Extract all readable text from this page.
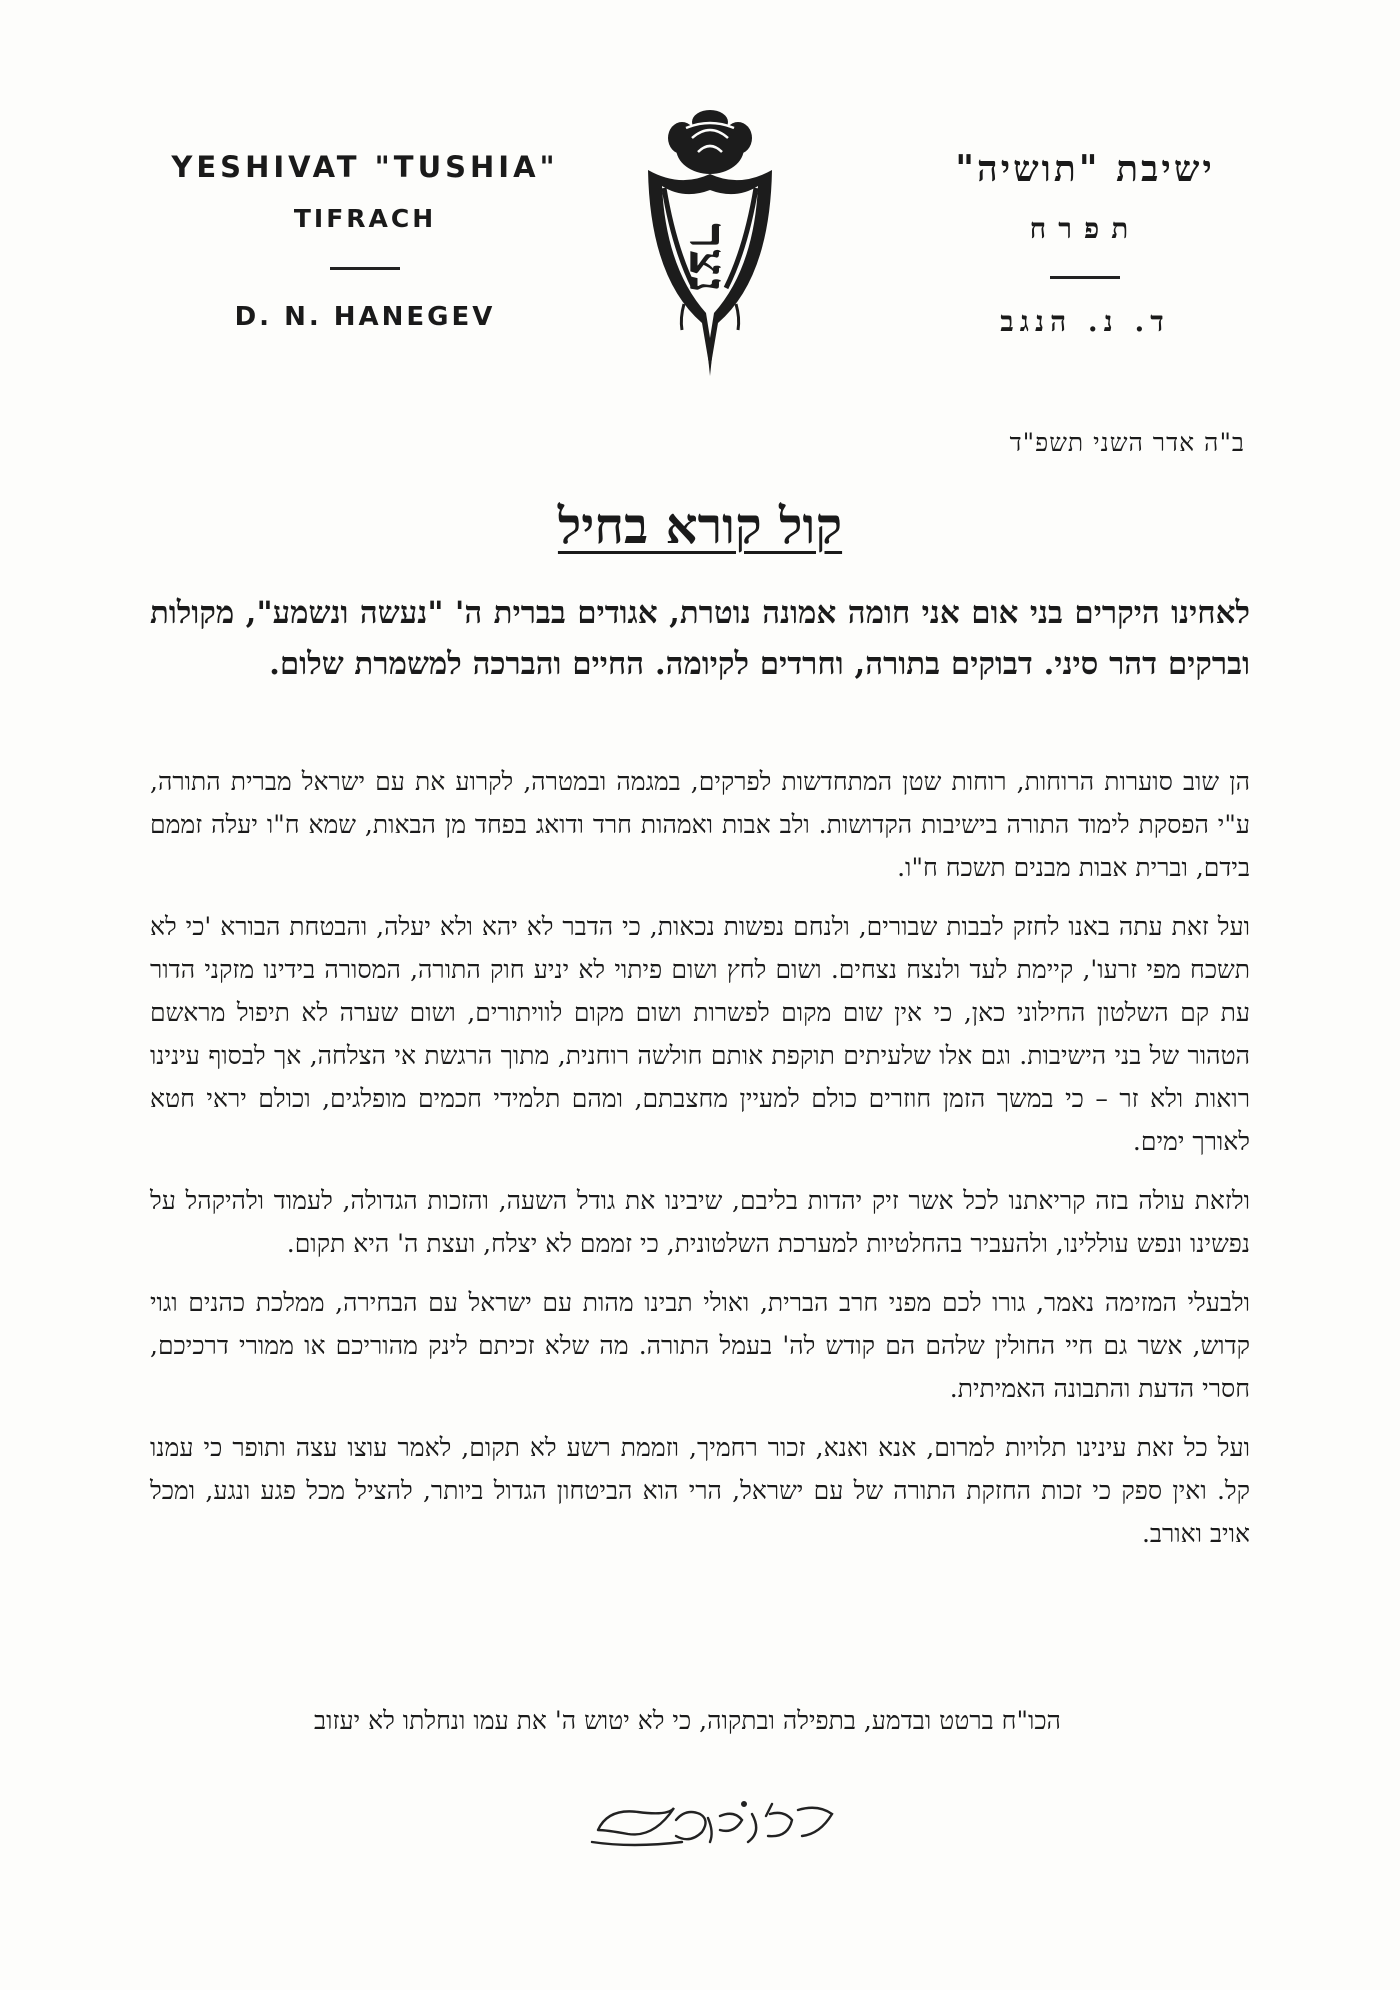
YESHIVAT "TUSHIA"
TIFRACH
D. N. HANEGEV
נצר
ישיבת "תושיה"
תפרח
ד. נ. הנגב
ב"ה אדר השני תשפ"ד
קול קורא בחיל
לאחינו היקרים בני אום אני חומה אמונה נוטרת, אגודים בברית ה' "נעשה ונשמע", מקולות וברקים דהר סיני. דבוקים בתורה, וחרדים לקיומה. החיים והברכה למשמרת שלום.

הן שוב סוערות הרוחות, רוחות שטן המתחדשות לפרקים, במגמה ובמטרה, לקרוע את עם ישראל מברית התורה, ע"י הפסקת לימוד התורה בישיבות הקדושות. ולב אבות ואמהות חרד ודואג בפחד מן הבאות, שמא ח"ו יעלה זממם בידם, וברית אבות מבנים תשכח ח"ו.

ועל זאת עתה באנו לחזק לבבות שבורים, ולנחם נפשות נכאות, כי הדבר לא יהא ולא יעלה, והבטחת הבורא 'כי לא תשכח מפי זרעו', קיימת לעד ולנצח נצחים. ושום לחץ ושום פיתוי לא יניע חוק התורה, המסורה בידינו מזקני הדור עת קם השלטון החילוני כאן, כי אין שום מקום לפשרות ושום מקום לוויתורים, ושום שערה לא תיפול מראשם הטהור של בני הישיבות. וגם אלו שלעיתים תוקפת אותם חולשה רוחנית, מתוך הרגשת אי הצלחה, אך לבסוף עינינו רואות ולא זר – כי במשך הזמן חוזרים כולם למעיין מחצבתם, ומהם תלמידי חכמים מופלגים, וכולם יראי חטא לאורך ימים.

ולזאת עולה בזה קריאתנו לכל אשר זיק יהדות בליבם, שיבינו את גודל השעה, והזכות הגדולה, לעמוד ולהיקהל על נפשינו ונפש עוללינו, ולהעביר בהחלטיות למערכת השלטונית, כי זממם לא יצלח, ועצת ה' היא תקום.

ולבעלי המזימה נאמר, גורו לכם מפני חרב הברית, ואולי תבינו מהות עם ישראל עם הבחירה, ממלכת כהנים וגוי קדוש, אשר גם חיי החולין שלהם הם קודש לה' בעמל התורה. מה שלא זכיתם לינק מהוריכם או ממורי דרכיכם, חסרי הדעת והתבונה האמיתית.

ועל כל זאת עינינו תלויות למרום, אנא ואנא, זכור רחמיך, וזממת רשע לא תקום, לאמר עוצו עצה ותופר כי עמנו קל. ואין ספק כי זכות החזקת התורה של עם ישראל, הרי הוא הביטחון הגדול ביותר, להציל מכל פגע ונגע, ומכל אויב ואורב.

הכו"ח ברטט ובדמע, בתפילה ובתקוה, כי לא יטוש ה' את עמו ונחלתו לא יעזוב
